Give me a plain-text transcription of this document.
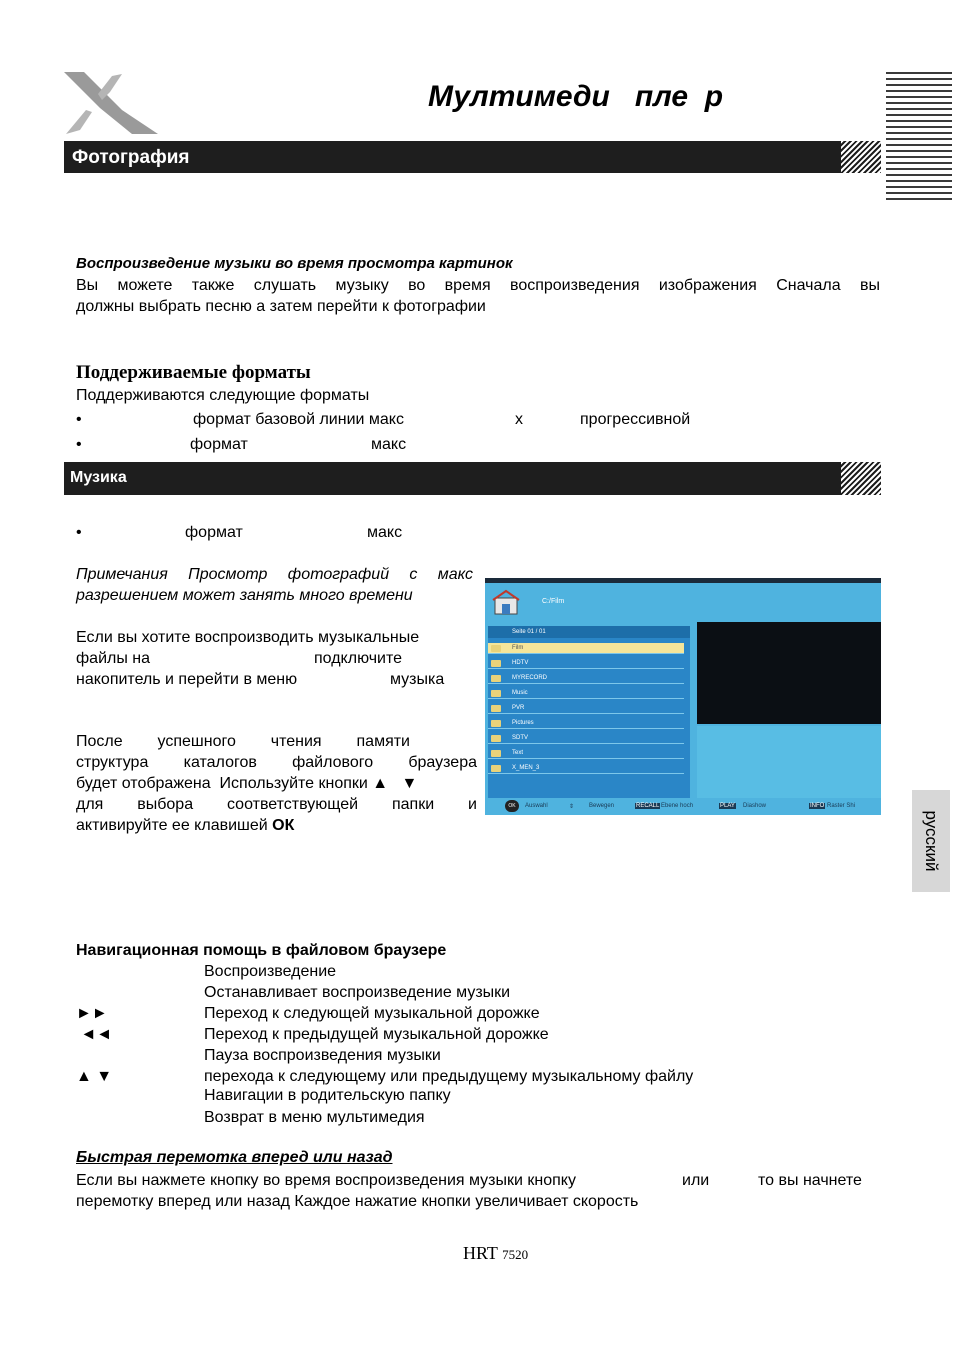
Мултимеди   пле  р
Фотография
Воспроизведение музыки во время просмотра картинок
Вы можете также слушать музыку во время воспроизведения изображения Сначала вы
должны выбрать песню а затем перейти к фотографии
Поддерживаемые форматы
Поддерживаются следующие форматы
•	формат базовой линии макс	х	прогрессивной
•	формат	макс
Музика
•	формат	макс
Примечания Просмотр фотографий с макс
разрешением может занять много времени
Если вы хотите воспроизводить музыкальные
файлы на	подключите
накопитель и перейти в меню	музыка
После успешного чтения памяти
структура каталогов файлового браузера
будет отображена  Используйте кнопки ▲   ▼
для выбора соответствующей папки и
активируйте ее клавишей ОК
C:/Film
Seite 01 / 01
Film
HDTV
MYRECORD
Music
PVR
Pictures
SDTV
Text
X_MEN_3
OK	Auswahl	⇕ Bewegen	RECALL Ebene hoch	PLAY Diashow	INFO Raster Shi
Навигационная помощь в файловом браузере
Воспроизведение
Останавливает воспроизведение музыки
►►	Переход к следующей музыкальной дорожке
◄◄	Переход к предыдущей музыкальной дорожке
Пауза воспроизведения музыки
▲ ▼	перехода к следующему или предыдущему музыкальному файлу
Навигации в родительскую папку
Возврат в меню мультимедия
Быстрая перемотка вперед или назад
Если вы нажмете кнопку во время воспроизведения музыки кнопку	или	то вы начнете
перемотку вперед или назад Каждое нажатие кнопки увеличивает скорость
русский
HRT 7520
